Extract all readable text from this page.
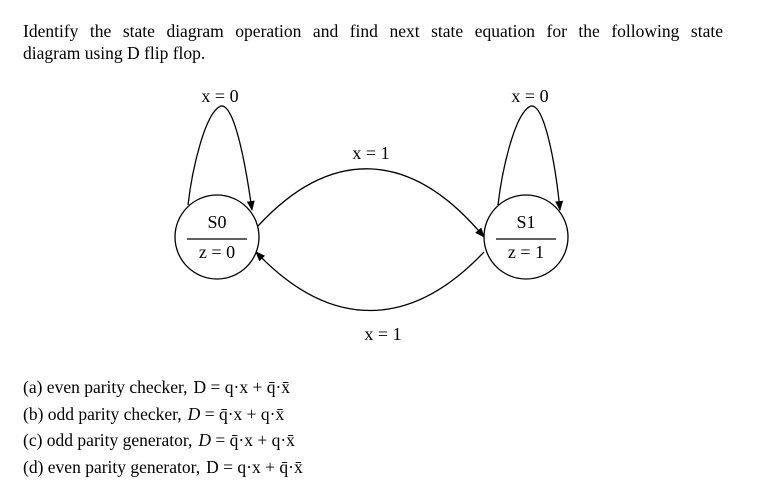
Identify the state diagram operation and find next state equation for the following state
diagram using D flip flop.
S0
z = 0
S1
z = 1
x = 0	x = 0
x = 1
x = 1
(a) even parity checker, D = q·x + q̄·x̄
(b) odd parity checker, D = q̄·x + q·x̄
(c) odd parity generator, D = q̄·x + q·x̄
(d) even parity generator, D = q·x + q̄·x̄
